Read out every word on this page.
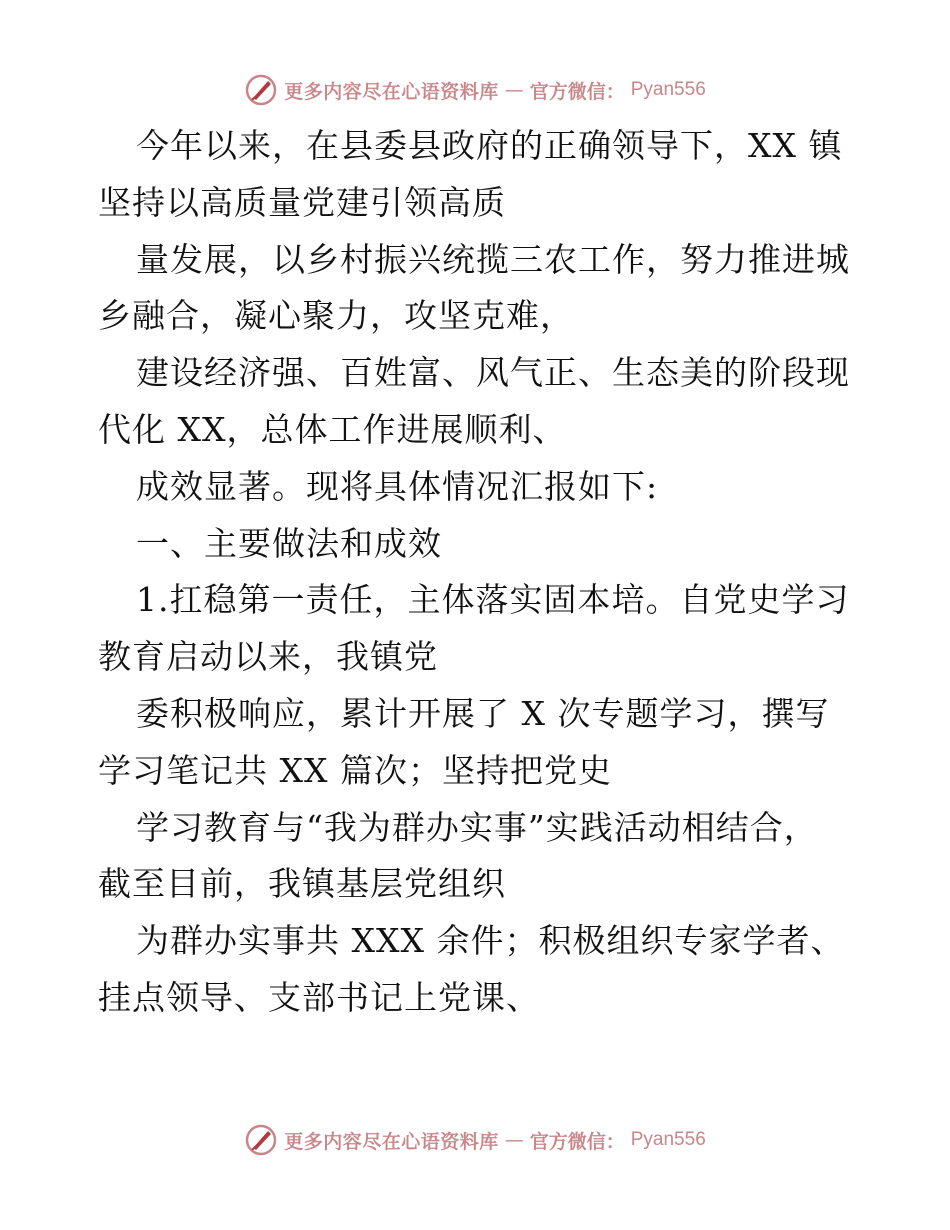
更多内容尽在心语资料库 — 官方微信： Pyan556
今年以来，在县委县政府的正确领导下，XX 镇
坚持以高质量党建引领高质
量发展，以乡村振兴统揽三农工作，努力推进城
乡融合，凝心聚力，攻坚克难，
建设经济强、百姓富、风气正、生态美的阶段现
代化 XX，总体工作进展顺利、
成效显著。现将具体情况汇报如下:
一、主要做法和成效
1.扛稳第一责任，主体落实固本培。自党史学习
教育启动以来，我镇党
委积极响应，累计开展了 X 次专题学习，撰写
学习笔记共 XX 篇次；坚持把党史
学习教育与“我为群办实事”实践活动相结合，
截至目前，我镇基层党组织
为群办实事共 XXX 余件；积极组织专家学者、
挂点领导、支部书记上党课、
更多内容尽在心语资料库 — 官方微信： Pyan556
